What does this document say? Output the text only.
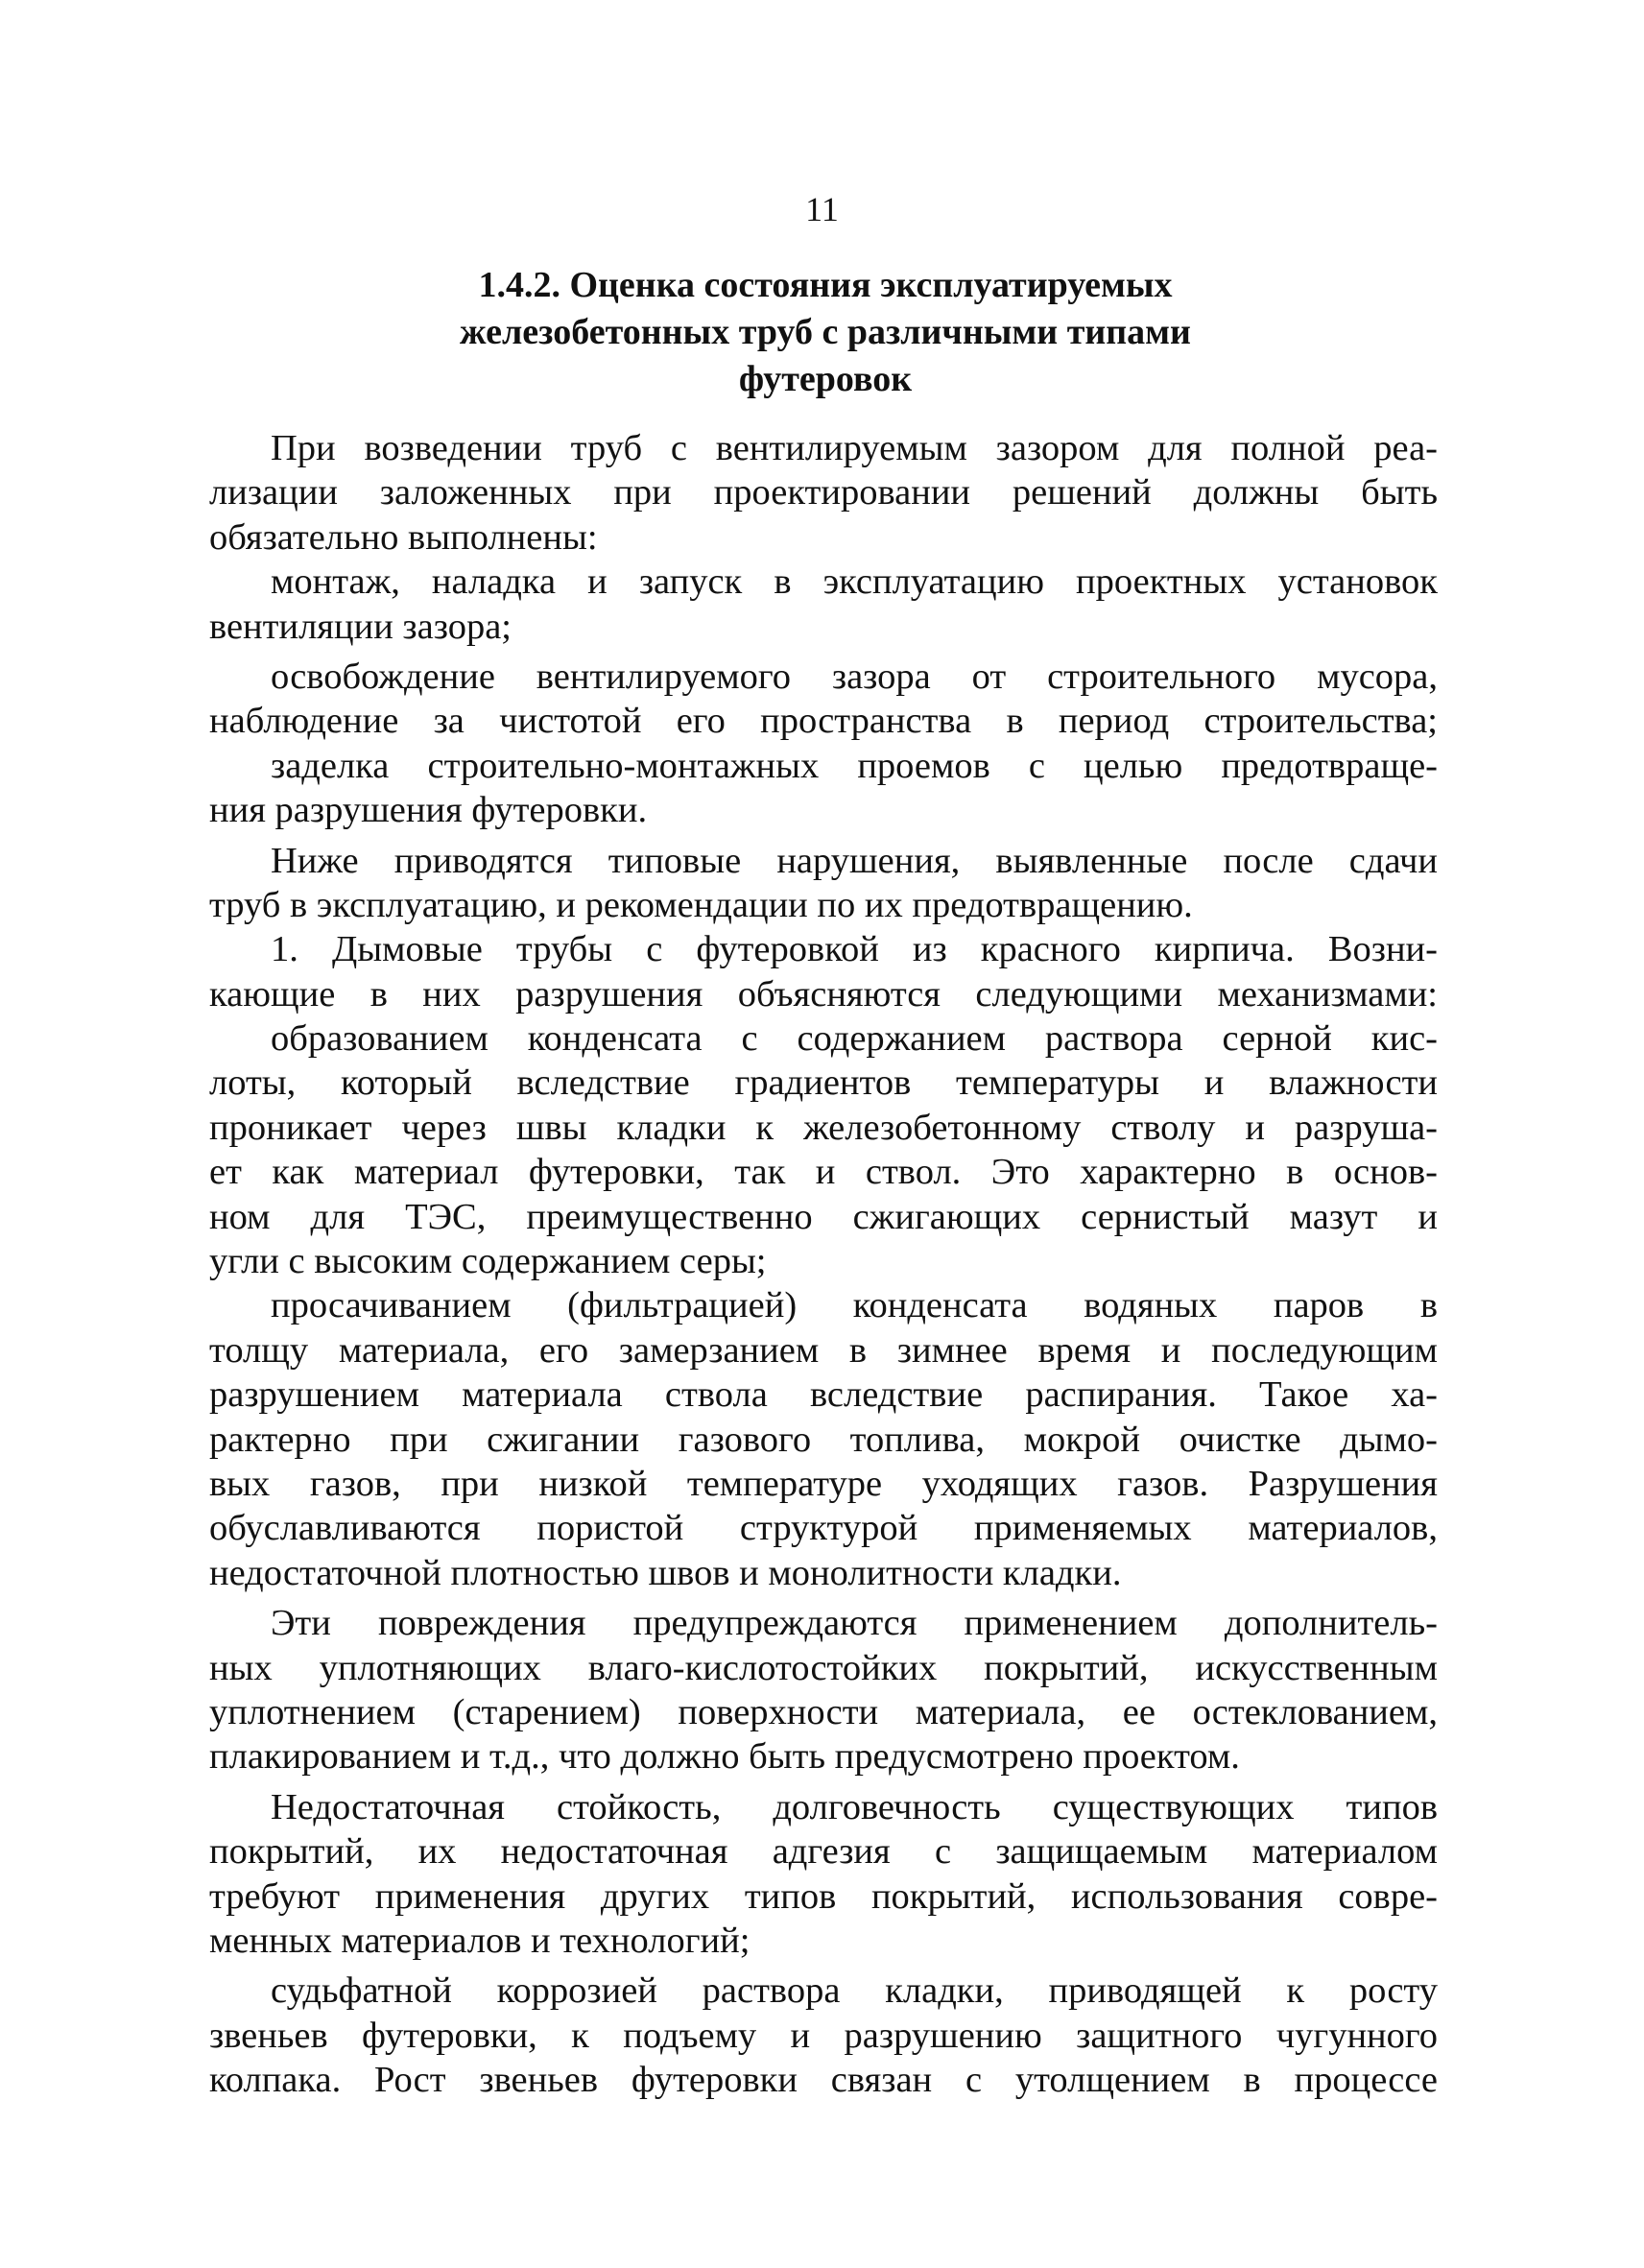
11
1.4.2. Оценка состояния эксплуатируемых
железобетонных труб с различными типами
футеровок
При возведении труб с вентилируемым зазором для полной реа-
лизации заложенных при проектировании решений должны быть
обязательно выполнены:
монтаж, наладка и запуск в эксплуатацию проектных установок
вентиляции зазора;
освобождение вентилируемого зазора от строительного мусора,
наблюдение за чистотой его пространства в период строительства;
заделка строительно-монтажных проемов с целью предотвраще-
ния разрушения футеровки.
Ниже приводятся типовые нарушения, выявленные после сдачи
труб в эксплуатацию, и рекомендации по их предотвращению.
1. Дымовые трубы с футеровкой из красного кирпича. Возни-
кающие в них разрушения объясняются следующими механизмами:
образованием конденсата с содержанием раствора серной кис-
лоты, который вследствие градиентов температуры и влажности
проникает через швы кладки к железобетонному стволу и разруша-
ет как материал футеровки, так и ствол. Это характерно в основ-
ном для ТЭС, преимущественно сжигающих сернистый мазут и
угли с высоким содержанием серы;
просачиванием (фильтрацией) конденсата водяных паров в
толщу материала, его замерзанием в зимнее время и последующим
разрушением материала ствола вследствие распирания. Такое ха-
рактерно при сжигании газового топлива, мокрой очистке дымо-
вых газов, при низкой температуре уходящих газов. Разрушения
обуславливаются пористой структурой применяемых материалов,
недостаточной плотностью швов и монолитности кладки.
Эти повреждения предупреждаются применением дополнитель-
ных уплотняющих влаго-кислотостойких покрытий, искусственным
уплотнением (старением) поверхности материала, ее остеклованием,
плакированием и т.д., что должно быть предусмотрено проектом.
Недостаточная стойкость, долговечность существующих типов
покрытий, их недостаточная адгезия с защищаемым материалом
требуют применения других типов покрытий, использования совре-
менных материалов и технологий;
судьфатной коррозией раствора кладки, приводящей к росту
звеньев футеровки, к подъему и разрушению защитного чугунного
колпака. Рост звеньев футеровки связан с утолщением в процессе
